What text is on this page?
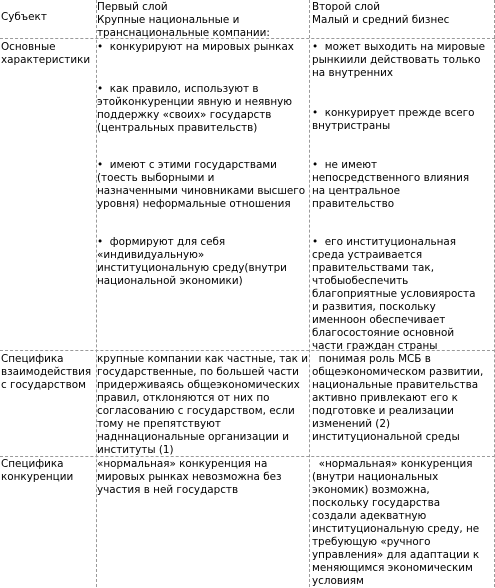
Субъект
Первый слой
Крупные национальные и
транснациональные компании:
Второй слой
Малый и средний бизнес
Основные
характеристики
•  конкурируют на мировых рынках
•  как правило, используют в
этойконкуренции явную и неявную
поддержку «своих» государств
(центральных правительств)
•  имеют с этими государствами
(тоесть выборными и
назначенными чиновниками высшего
уровня) неформальные отношения
•  формируют для себя
«индивидуальную»
институциональную среду(внутри
национальной экономики)
•  может выходить на мировые
рынкиили действовать только
на внутренних
•  конкурирует прежде всего
внутристраны
•  не имеют
непосредственного влияния
на центральное
правительство
•  его институциональная
среда устраивается
правительствами так,
чтобыобеспечить
благоприятные условияроста
и развития, поскольку
именноон обеспечивает
благосостояние основной
части граждан страны
Специфика
взаимодействия
с государством
крупные компании как частные, так и
государственные, по большей части
придерживаясь общеэкономических
правил, отклоняются от них по
согласованию с государством, если
тому не препятствуют
надннациональные организации и
институты (1)
понимая роль МСБ в
общеэкономическом развитии,
национальные правительства
активно привлекают его к
подготовке и реализации
изменений (2)
институциональной среды
Специфика
конкуренции
«нормальная» конкуренция на
мировых рынках невозможна без
участия в ней государств
«нормальная» конкуренция
(внутри национальных
экономик) возможна,
поскольку государства
создали адекватную
институциональную среду, не
требующую «ручного
управления» для адаптации к
меняющимся экономическим
условиям
